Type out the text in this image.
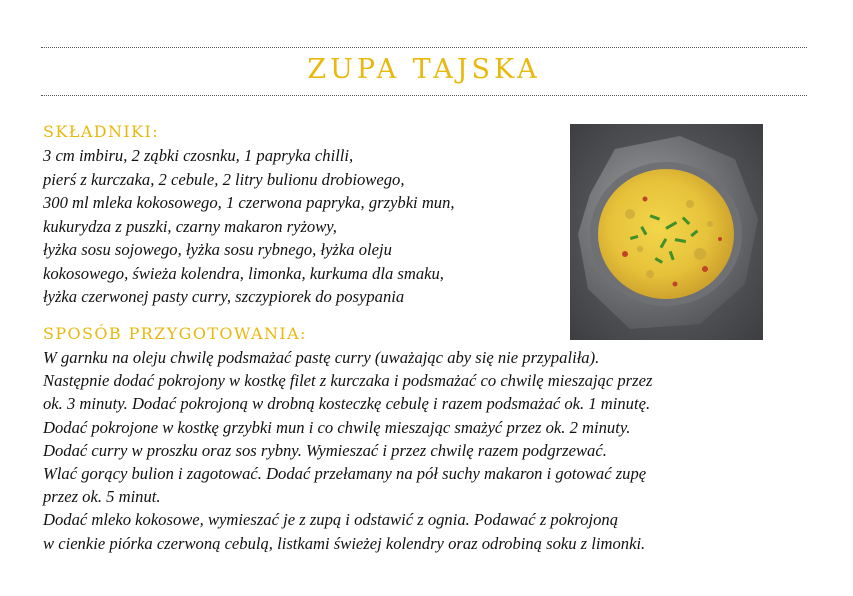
ZUPA TAJSKA
SKŁADNIKI:
3 cm imbiru, 2 ząbki czosnku, 1 papryka chilli,
pierś z kurczaka, 2 cebule, 2 litry bulionu drobiowego,
300 ml mleka kokosowego, 1 czerwona papryka, grzybki mun,
kukurydza z puszki, czarny makaron ryżowy,
łyżka sosu sojowego, łyżka sosu rybnego, łyżka oleju
kokosowego, świeża kolendra, limonka, kurkuma dla smaku,
łyżka czerwonej pasty curry, szczypiorek do posypania
SPOSÓB PRZYGOTOWANIA:
W garnku na oleju chwilę podsmażać pastę curry (uważając aby się nie przypaliła).
Następnie dodać pokrojony w kostkę filet z kurczaka i podsmażać co chwilę mieszając przez
ok. 3 minuty. Dodać pokrojoną w drobną kosteczkę cebulę i razem podsmażać ok. 1 minutę.
Dodać pokrojone w kostkę grzybki mun i co chwilę mieszając smażyć przez ok. 2 minuty.
Dodać curry w proszku oraz sos rybny. Wymieszać i przez chwilę razem podgrzewać.
Wlać gorący bulion i zagotować. Dodać przełamany na pół suchy makaron i gotować zupę
przez ok. 5 minut.
Dodać mleko kokosowe, wymieszać je z zupą i odstawić z ognia. Podawać z pokrojoną
w cienkie piórka czerwoną cebulą, listkami świeżej kolendry oraz odrobiną soku z limonki.
